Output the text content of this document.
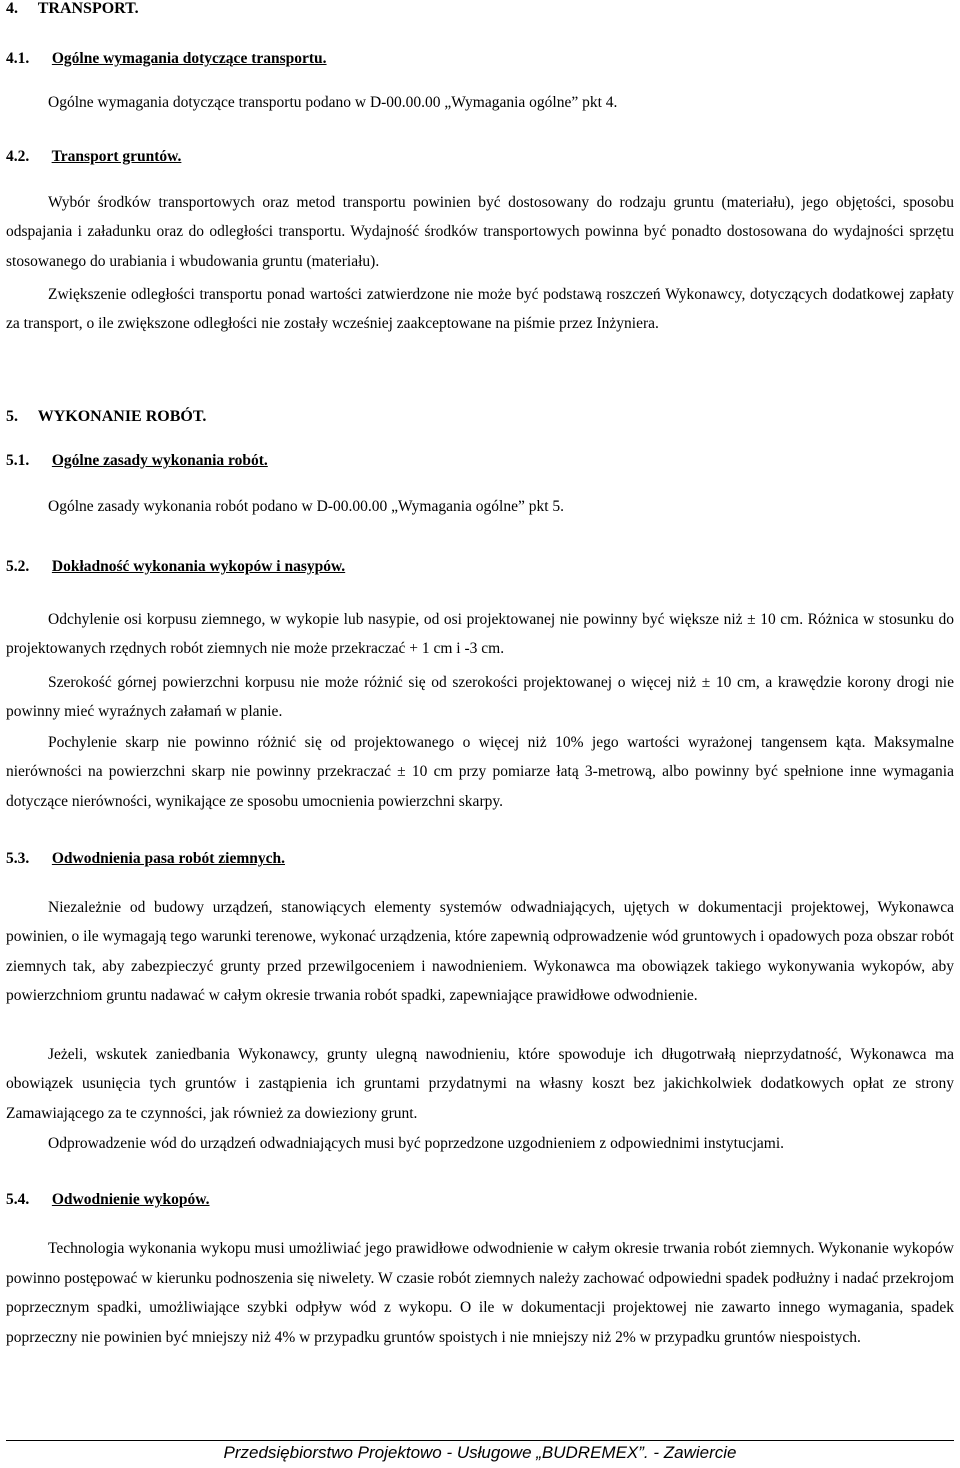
4. TRANSPORT.
4.1. Ogólne wymagania dotyczące transportu.
Ogólne wymagania dotyczące transportu podano w D-00.00.00 „Wymagania ogólne” pkt 4.
4.2. Transport gruntów.
Wybór środków transportowych oraz metod transportu powinien być dostosowany do rodzaju gruntu (materiału), jego objętości, sposobu odspajania i załadunku oraz do odległości transportu. Wydajność środków transportowych powinna być ponadto dostosowana do wydajności sprzętu stosowanego do urabiania i wbudowania gruntu (materiału).
Zwiększenie odległości transportu ponad wartości zatwierdzone nie może być podstawą roszczeń Wykonawcy, dotyczących dodatkowej zapłaty za transport, o ile zwiększone odległości nie zostały wcześniej zaakceptowane na piśmie przez Inżyniera.
5. WYKONANIE ROBÓT.
5.1. Ogólne zasady wykonania robót.
Ogólne zasady wykonania robót podano w D-00.00.00 „Wymagania ogólne” pkt 5.
5.2. Dokładność wykonania wykopów i nasypów.
Odchylenie osi korpusu ziemnego, w wykopie lub nasypie, od osi projektowanej nie powinny być większe niż ± 10 cm. Różnica w stosunku do projektowanych rzędnych robót ziemnych nie może przekraczać + 1 cm i -3 cm.
Szerokość górnej powierzchni korpusu nie może różnić się od szerokości projektowanej o więcej niż ± 10 cm, a krawędzie korony drogi nie powinny mieć wyraźnych załamań w planie.
Pochylenie skarp nie powinno różnić się od projektowanego o więcej niż 10% jego wartości wyrażonej tangensem kąta. Maksymalne nierówności na powierzchni skarp nie powinny przekraczać ± 10 cm przy pomiarze łatą 3-metrową, albo powinny być spełnione inne wymagania dotyczące nierówności, wynikające ze sposobu umocnienia powierzchni skarpy.
5.3. Odwodnienia pasa robót ziemnych.
Niezależnie od budowy urządzeń, stanowiących elementy systemów odwadniających, ujętych w dokumentacji projektowej, Wykonawca powinien, o ile wymagają tego warunki terenowe, wykonać urządzenia, które zapewnią odprowadzenie wód gruntowych i opadowych poza obszar robót ziemnych tak, aby zabezpieczyć grunty przed przewilgoceniem i nawodnieniem. Wykonawca ma obowiązek takiego wykonywania wykopów, aby powierzchniom gruntu nadawać w całym okresie trwania robót spadki, zapewniające prawidłowe odwodnienie.
Jeżeli, wskutek zaniedbania Wykonawcy, grunty ulegną nawodnieniu, które spowoduje ich długotrwałą nieprzydatność, Wykonawca ma obowiązek usunięcia tych gruntów i zastąpienia ich gruntami przydatnymi na własny koszt bez jakichkolwiek dodatkowych opłat ze strony Zamawiającego za te czynności, jak również za dowieziony grunt.
Odprowadzenie wód do urządzeń odwadniających musi być poprzedzone uzgodnieniem z odpowiednimi instytucjami.
5.4. Odwodnienie wykopów.
Technologia wykonania wykopu musi umożliwiać jego prawidłowe odwodnienie w całym okresie trwania robót ziemnych. Wykonanie wykopów powinno postępować w kierunku podnoszenia się niwelety. W czasie robót ziemnych należy zachować odpowiedni spadek podłużny i nadać przekrojom poprzecznym spadki, umożliwiające szybki odpływ wód z wykopu. O ile w dokumentacji projektowej nie zawarto innego wymagania, spadek poprzeczny nie powinien być mniejszy niż 4% w przypadku gruntów spoistych i nie mniejszy niż 2% w przypadku gruntów niespoistych.
Przedsiębiorstwo Projektowo - Usługowe „BUDREMEX”. - Zawiercie
